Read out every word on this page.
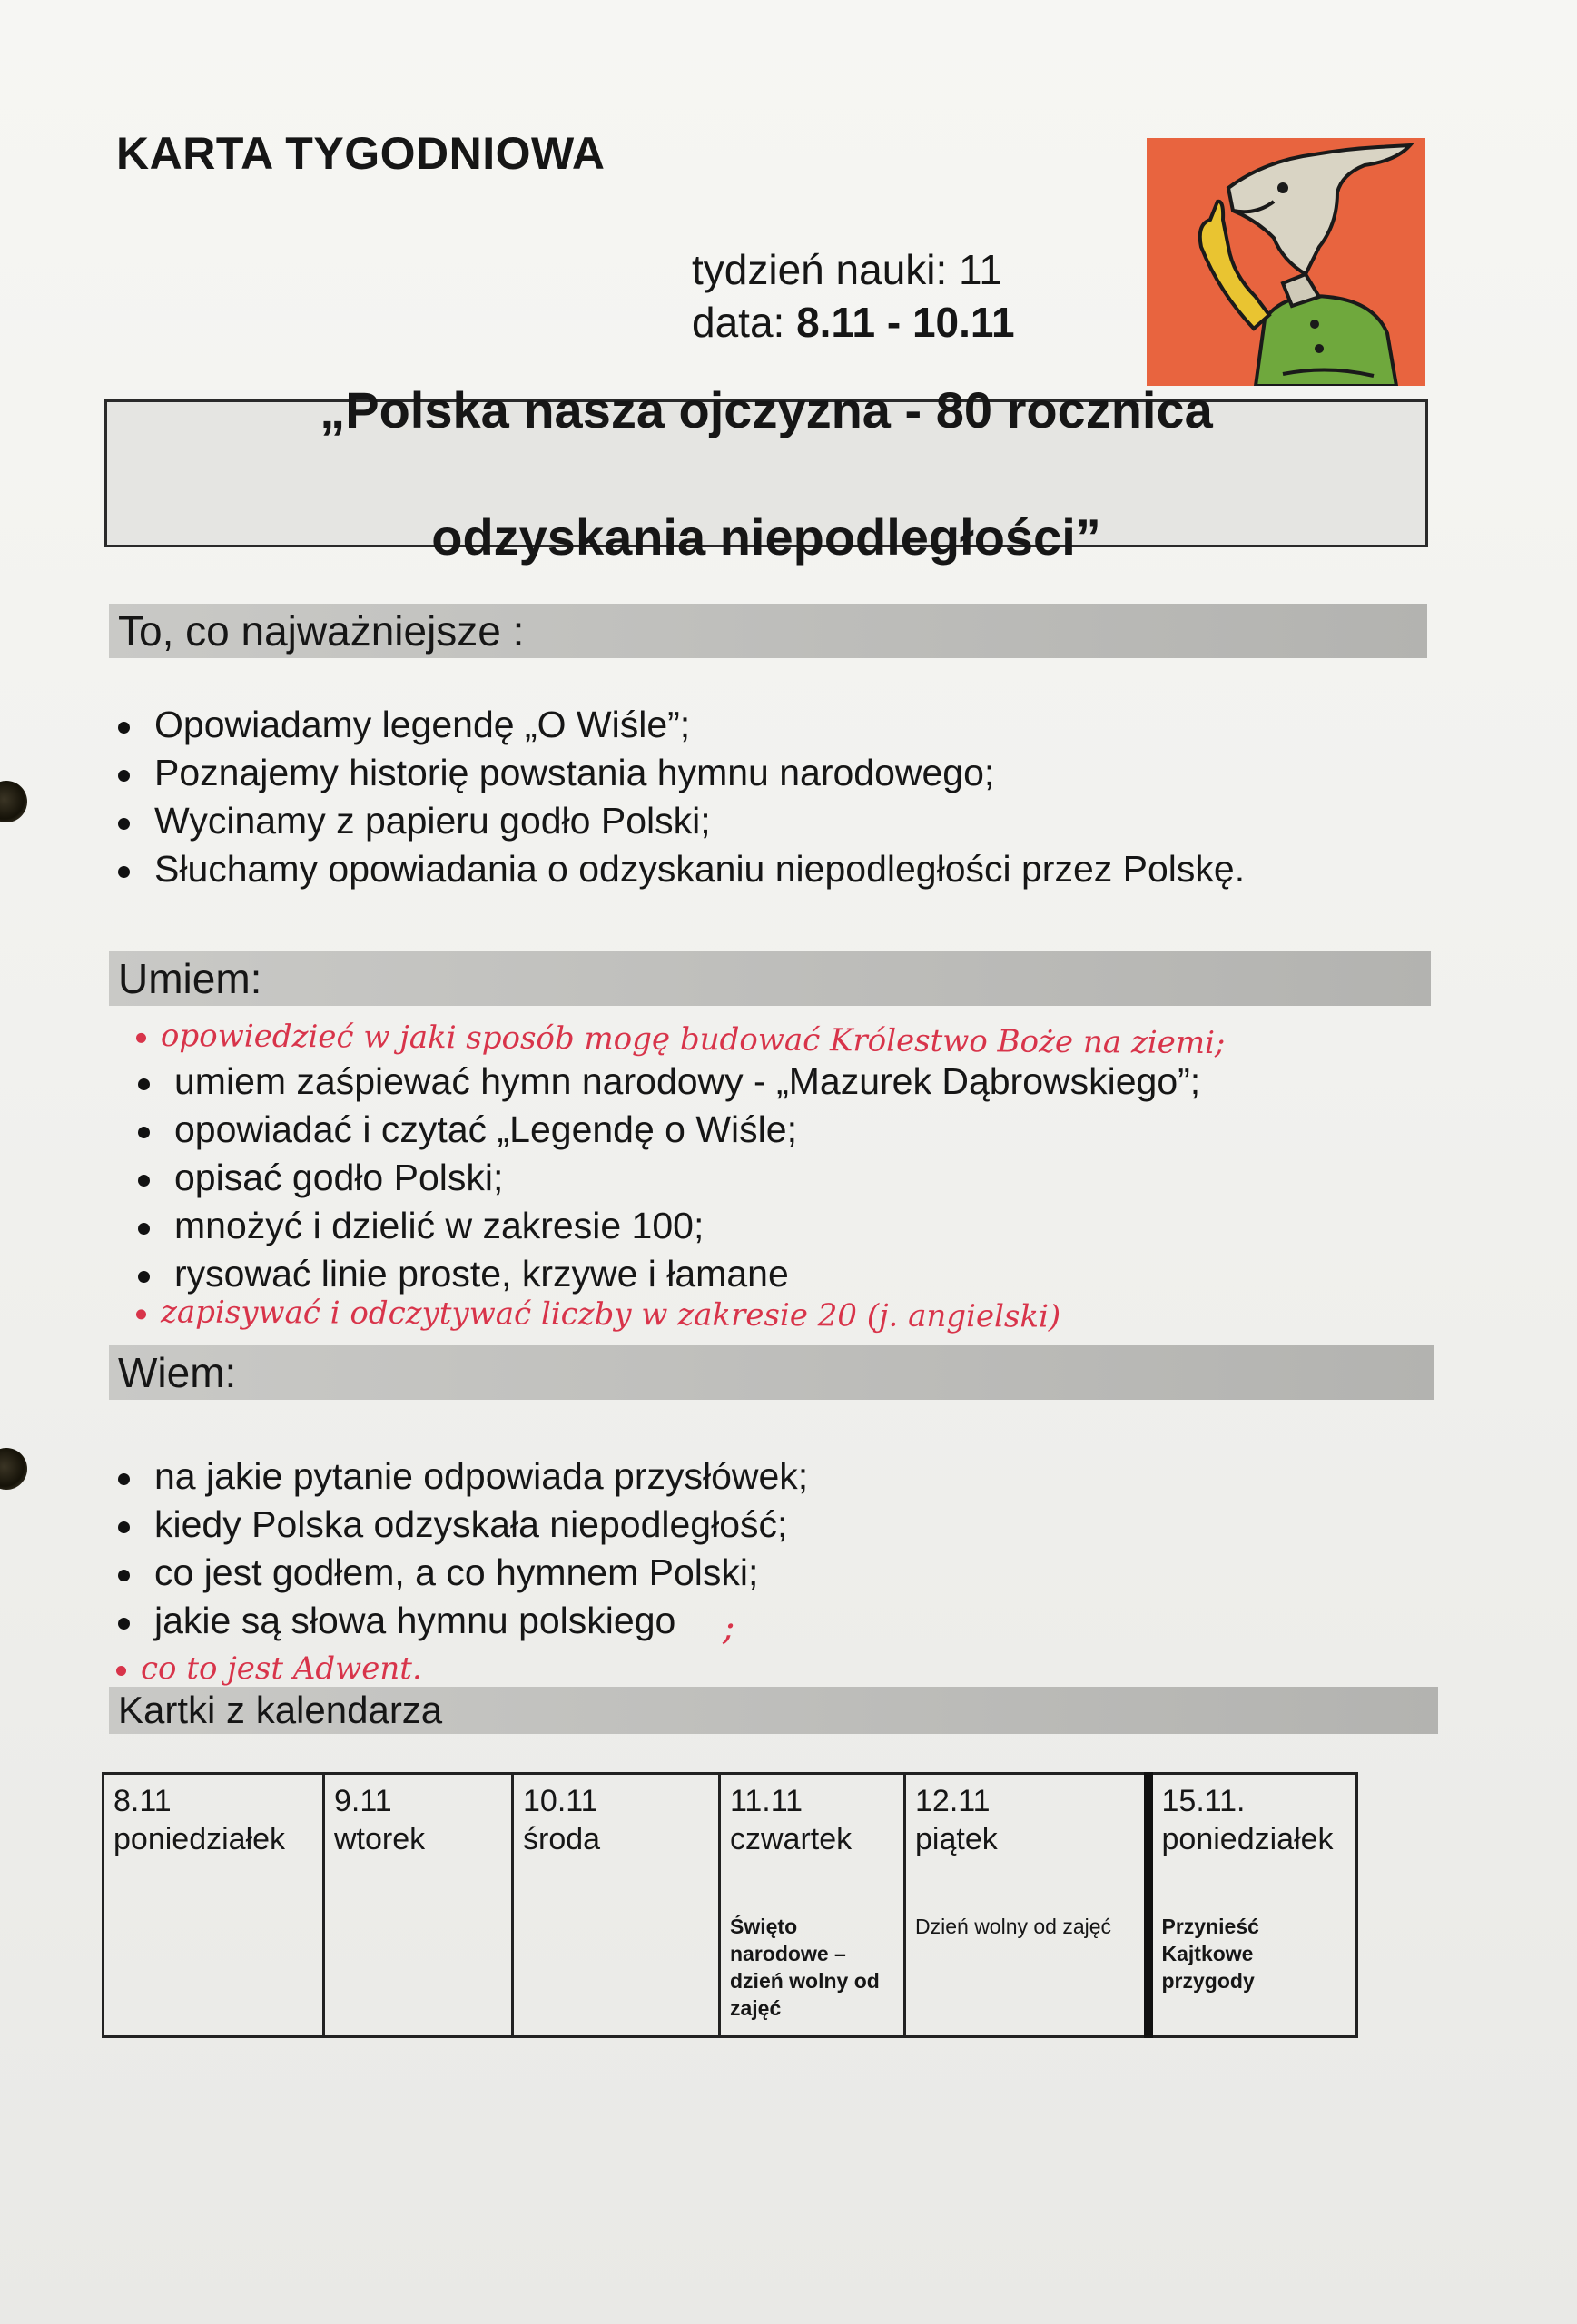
KARTA TYGODNIOWA
tydzień nauki: 11
data: 8.11 - 10.11
„Polska nasza ojczyzna - 80 rocznica

odzyskania niepodległości”
To, co najważniejsze :
Opowiadamy legendę „O Wiśle”;
Poznajemy historię powstania hymnu narodowego;
Wycinamy z papieru godło Polski;
Słuchamy opowiadania o odzyskaniu niepodległości przez Polskę.
Umiem:
opowiedzieć w jaki sposób mogę budować Królestwo Boże na ziemi;
umiem zaśpiewać hymn narodowy - „Mazurek Dąbrowskiego”;
opowiadać i czytać „Legendę o Wiśle;
opisać godło Polski;
mnożyć i dzielić w zakresie 100;
rysować linie proste, krzywe i łamane
zapisywać i odczytywać liczby w zakresie 20 (j. angielski)
Wiem:
na jakie pytanie odpowiada przysłówek;
kiedy Polska odzyskała niepodległość;
co jest godłem, a co hymnem Polski;
jakie są słowa hymnu polskiego	;
co to jest Adwent.
Kartki z kalendarza
8.11
poniedziałek

9.11
wtorek

10.11
środa

11.11
czwartek
Święto narodowe – dzień wolny od zajęć

12.11
piątek
Dzień wolny od zajęć

15.11.
poniedziałek
Przynieść Kajtkowe przygody
